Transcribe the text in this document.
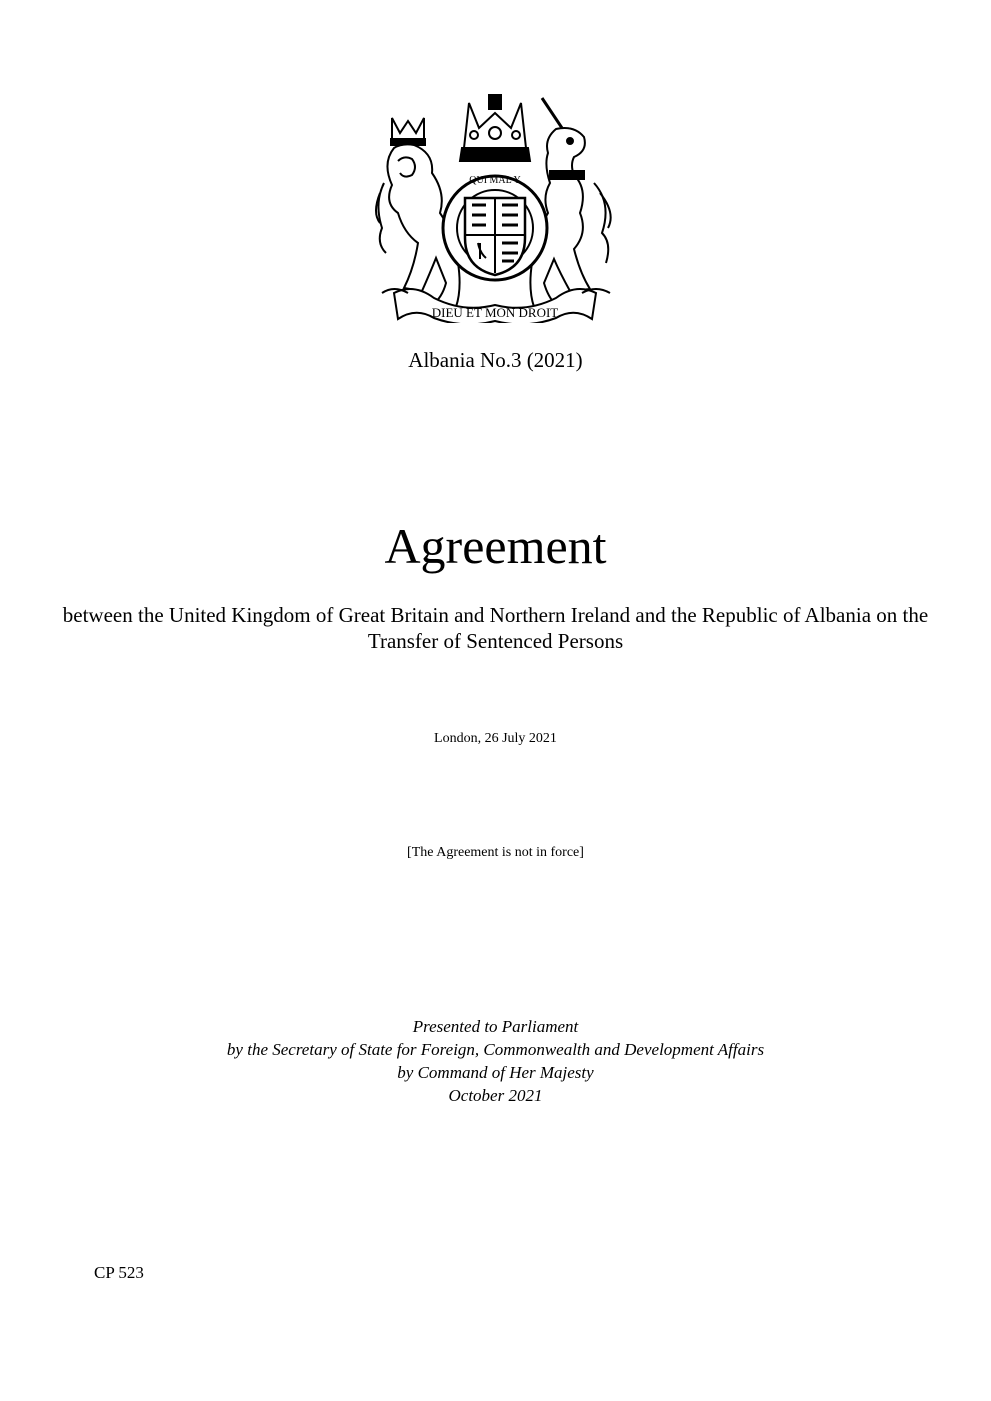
DIEU ET MON DROIT
QUI MAL Y

Albania No.3 (2021)

Agreement

between the United Kingdom of Great Britain and Northern Ireland and the Republic of Albania on the Transfer of Sentenced Persons

London, 26 July 2021

[The Agreement is not in force]

Presented to Parliament
by the Secretary of State for Foreign, Commonwealth and Development Affairs
by Command of Her Majesty
October 2021

CP 523
